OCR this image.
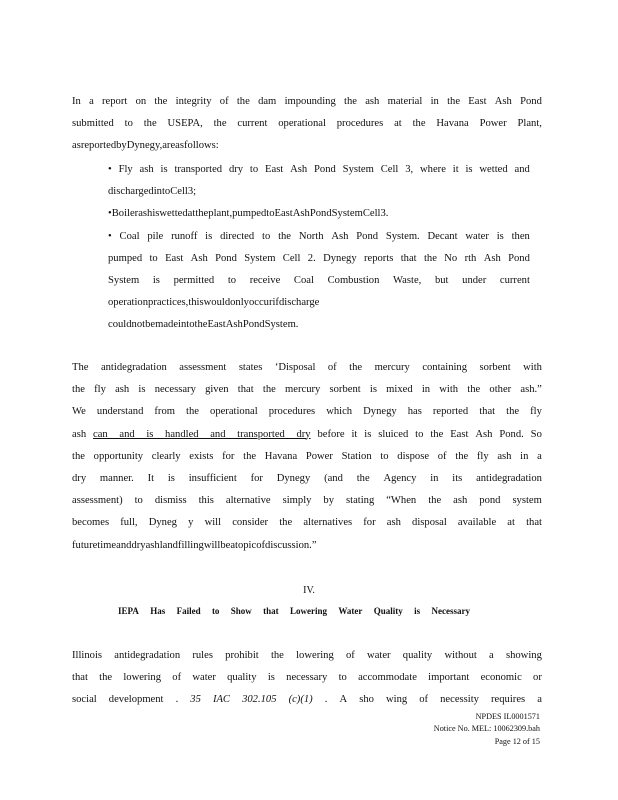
In a report on the integrity of the dam impounding the ash material in the East Ash Pond
submitted to the USEPA, the current operational procedures at the Havana Power Plant,
as reported by Dynegy, are as follows:
• Fly ash is transported dry to East Ash Pond System Cell 3, where it is wetted and
discharged into Cell 3;
• Boiler ash is wetted at the plant, pumped to East Ash Pond System Cell 3.
• Coal pile runoff is directed to the North Ash Pond System. Decant water is then
pumped to East Ash Pond System Cell 2. Dynegy reports that the No rth Ash Pond
System is permitted to receive Coal Combustion Waste, but under current
operation pr actices, this would only occur if discharge
could not be made into the East Ash Pond System.
The antidegradation assessment states ‘Disposal of the mercury containing sorbent with
the fly ash is necessary given that the mercury sorbent is mixed in with the other ash.”
We understand from the operational procedures which Dynegy has reported that the fly
ash can and is handled and transported dry before it is sluiced to the East Ash Pond. So
the opportunity clearly exists for the Havana Power Station to dispose of the fly ash in a
dry manner. It is insufficient for Dynegy (and the Agency in its antidegradation
assessment) to dismiss this alternative simply by stating “When the ash pond system
becomes full, Dyneg y will consider the alternatives for ash disposal available at that
future time and dry ash landfilling will be a topic of discussion.”
IV.
IEPA Has Failed to Show that Lowering Water Quality is Necessary
Illinois antidegradation rules prohibit the lowering of water quality without a showing
that the lowering of water quality is necessary to accommodate important economic or
social development . 35 IAC 302.105 (c)(1) . A sho wing of necessity requires a
NPDES IL0001571
Notice No. MEL: 10062309.bah
Page 12 of 15
